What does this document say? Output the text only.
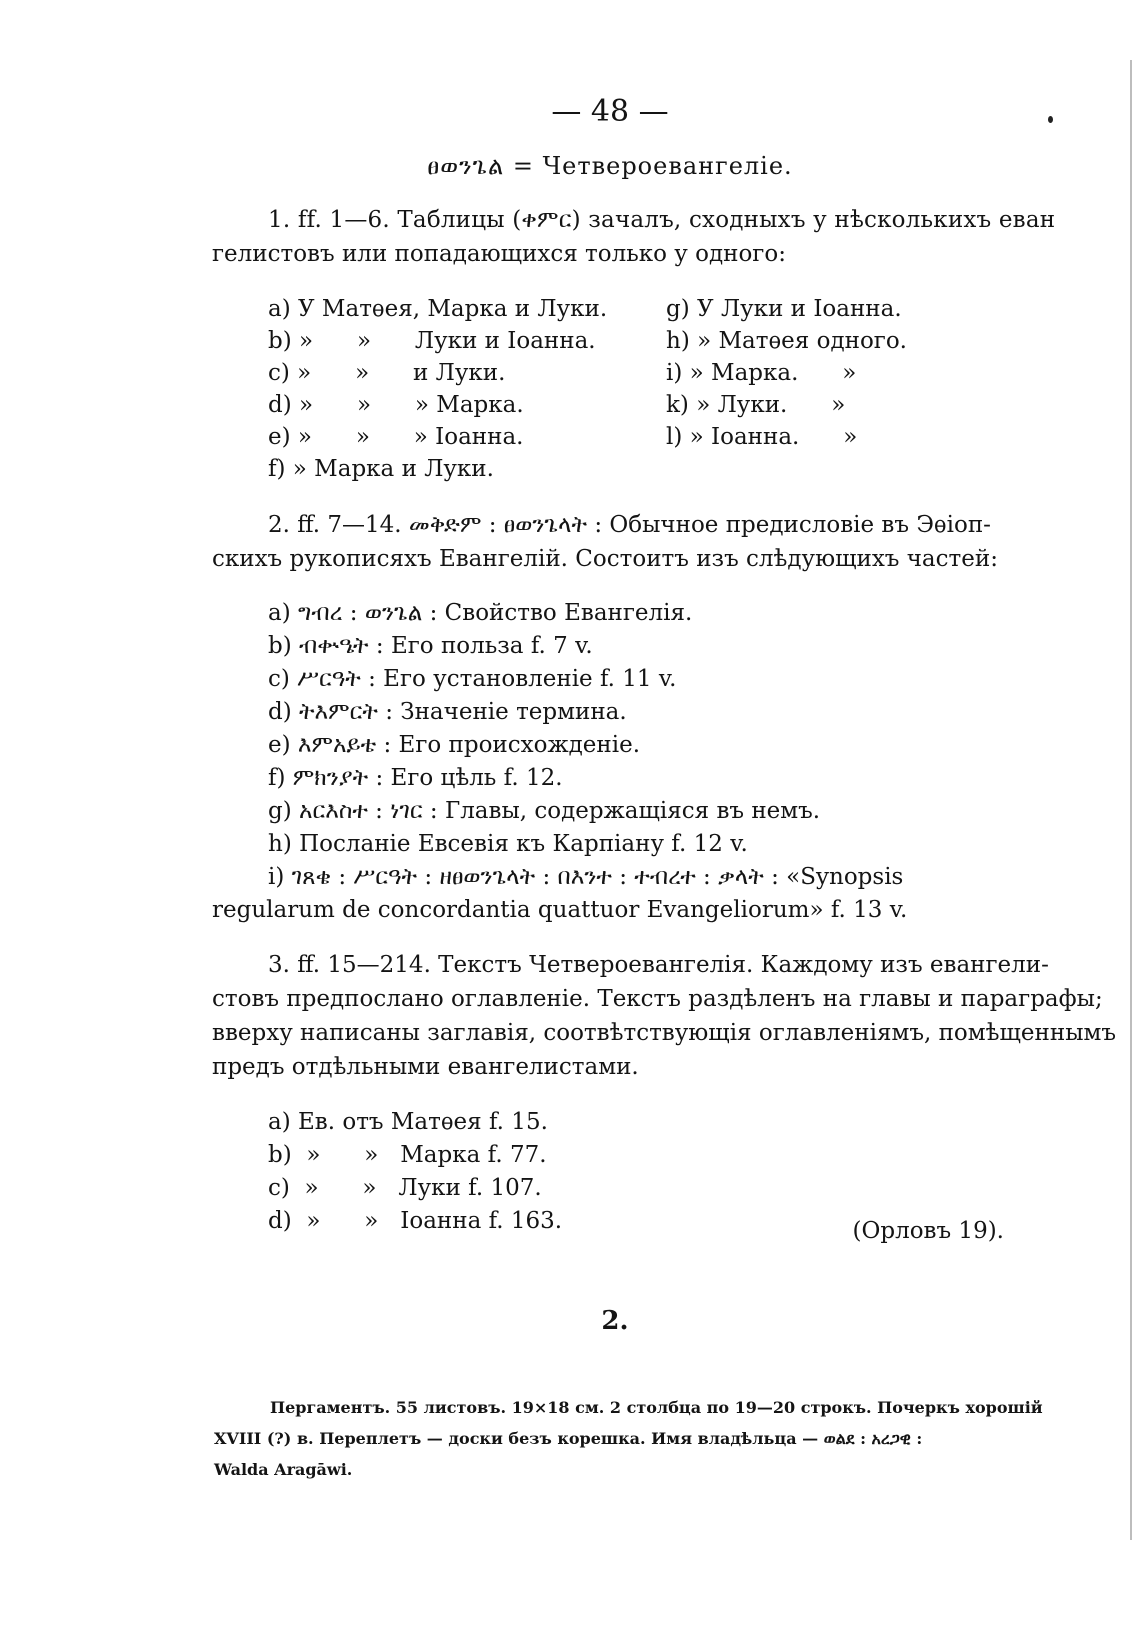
— 48 —
ፀወንጌል = Четвероевангеліе.
1. ff. 1—6. Таблицы (ቀምር) зачалъ, сходныхъ у нѣсколькихъ еван
гелистовъ или попадающихся только у одного:
a) У Матѳея, Марка и Луки.
b) »      »      Луки и Іоанна.
c) »      »      и Луки.
d) »      »      » Марка.
e) »      »      » Іоанна.
f) » Марка и Луки.
g) У Луки и Іоанна.
h) » Матѳея одного.
i) » Марка.      »
k) » Луки.      »
l) » Іоанна.      »
2. ff. 7—14. መቅድም : ፀወንጌላት : Обычное предисловіе въ Эѳіоп-
скихъ рукописяхъ Евангелій. Состоитъ изъ слѣдующихъ частей:
a) ግብረ : ወንጌል : Свойство Евангелія.
b) ብቍዔት : Его польза f. 7 v.
c) ሥርዓት : Его установленіе f. 11 v.
d) ትእምርት : Значеніе термина.
e) እምአይቴ : Его происхожденіе.
f) ምክንያት : Его цѣль f. 12.
g) አርእስተ : ነገር : Главы, содержащіяся въ немъ.
h) Посланіе Евсевія къ Карпіану f. 12 v.
i) ገጸቄ : ሥርዓት : ዘፀወንጌላት : በእንተ : ተብረተ : ቃላት : «Synopsis
regularum de concordantia quattuor Evangeliorum» f. 13 v.
3. ff. 15—214. Текстъ Четвероевангелія. Каждому изъ евангели-
стовъ предпослано оглавленіе. Текстъ раздѣленъ на главы и параграфы;
вверху написаны заглавія, соотвѣтствующія оглавленіямъ, помѣщеннымъ
предъ отдѣльными евангелистами.
a) Ев. отъ Матѳея f. 15.
b)  »      »   Марка f. 77.
c)  »      »   Луки f. 107.
d)  »      »   Іоанна f. 163.	(Орловъ 19).
2.
Пергаментъ. 55 листовъ. 19×18 см. 2 столбца по 19—20 строкъ. Почеркъ хорошій
XVIII (?) в. Переплетъ — доски безъ корешка. Имя владѣльца — ወልደ : አረጋዊ :
Walda Aragāwi.
